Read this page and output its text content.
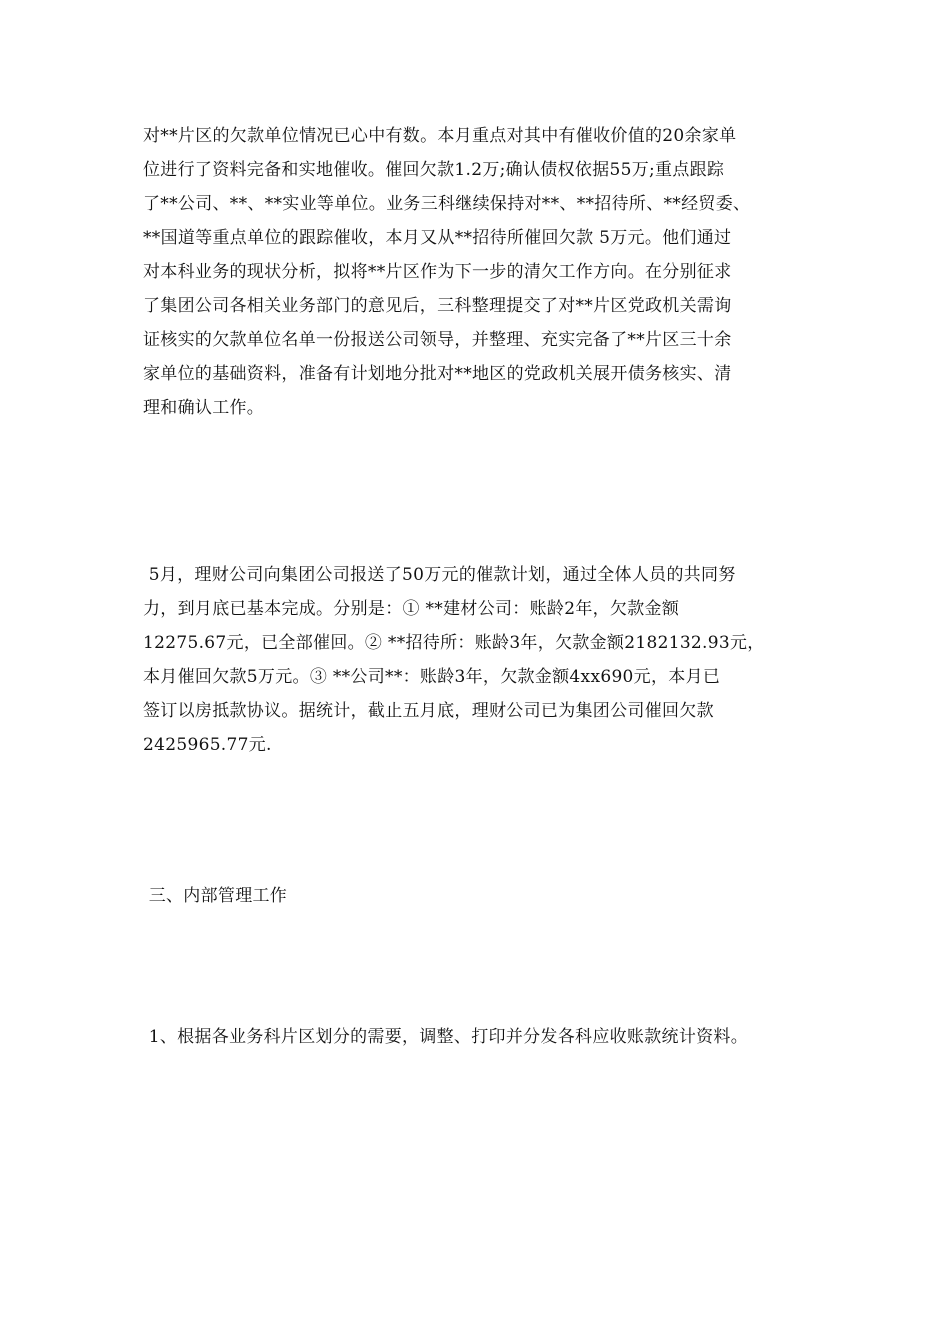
对**片区的欠款单位情况已心中有数。本月重点对其中有催收价值的20余家单
位进行了资料完备和实地催收。催回欠款1.2万;确认债权依据55万;重点跟踪
了**公司、**、**实业等单位。业务三科继续保持对**、**招待所、**经贸委、
**国道等重点单位的跟踪催收，本月又从**招待所催回欠款 5万元。他们通过
对本科业务的现状分析，拟将**片区作为下一步的清欠工作方向。在分别征求
了集团公司各相关业务部门的意见后，三科整理提交了对**片区党政机关需询
证核实的欠款单位名单一份报送公司领导，并整理、充实完备了**片区三十余
家单位的基础资料，准备有计划地分批对**地区的党政机关展开债务核实、清
理和确认工作。
5月，理财公司向集团公司报送了50万元的催款计划，通过全体人员的共同努
力，到月底已基本完成。分别是：① **建材公司：账龄2年，欠款金额
12275.67元，已全部催回。② **招待所：账龄3年，欠款金额2182132.93元，
本月催回欠款5万元。③ **公司**：账龄3年，欠款金额4xx690元，本月已
签订以房抵款协议。据统计，截止五月底，理财公司已为集团公司催回欠款
2425965.77元.
三、内部管理工作
1、根据各业务科片区划分的需要，调整、打印并分发各科应收账款统计资料。
